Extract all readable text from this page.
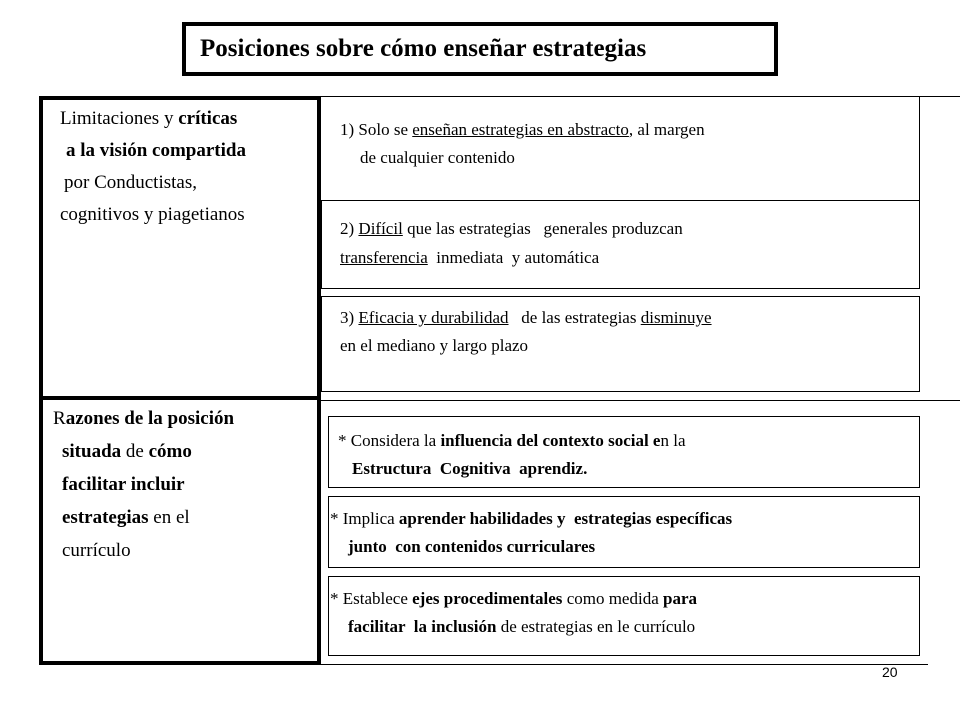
Posiciones sobre cómo enseñar estrategias
Limitaciones y críticas
a la visión compartida
por Conductistas,
cognitivos y piagetianos
Razones de la posición
situada de cómo
facilitar incluir
estrategias en el
currículo
1) Solo se enseñan estrategias en abstracto, al margen
de cualquier contenido
2) Difícil que las estrategias   generales produzcan
transferencia  inmediata  y automática
3) Eficacia y durabilidad   de las estrategias disminuye
en el mediano y largo plazo
* Considera la influencia del contexto social en la
Estructura  Cognitiva  aprendiz.
* Implica aprender habilidades y  estrategias específicas
junto  con contenidos curriculares
* Establece ejes procedimentales como medida para
facilitar  la inclusión de estrategias en le currículo
20
